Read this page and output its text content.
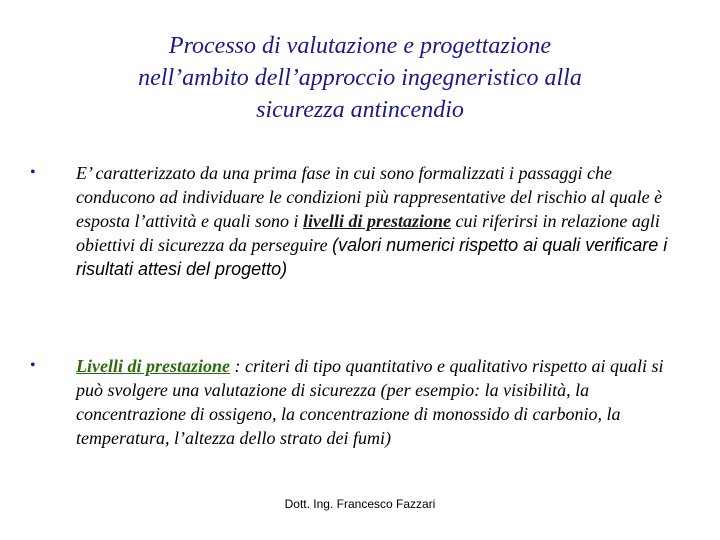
Processo di valutazione e progettazione
nell’ambito dell’approccio ingegneristico alla
sicurezza antincendio
• E’ caratterizzato da una prima fase in cui sono formalizzati i passaggi che conducono ad individuare le condizioni più rappresentative del rischio al quale è esposta l’attività e quali sono i livelli di prestazione cui riferirsi in relazione agli obiettivi di sicurezza da perseguire (valori numerici rispetto ai quali verificare i risultati attesi del progetto)
• Livelli di prestazione : criteri di tipo quantitativo e qualitativo rispetto ai quali si può svolgere una valutazione di sicurezza (per esempio: la visibilità, la concentrazione di ossigeno, la concentrazione di monossido di carbonio, la temperatura, l’altezza dello strato dei fumi)
Dott. Ing. Francesco Fazzari
